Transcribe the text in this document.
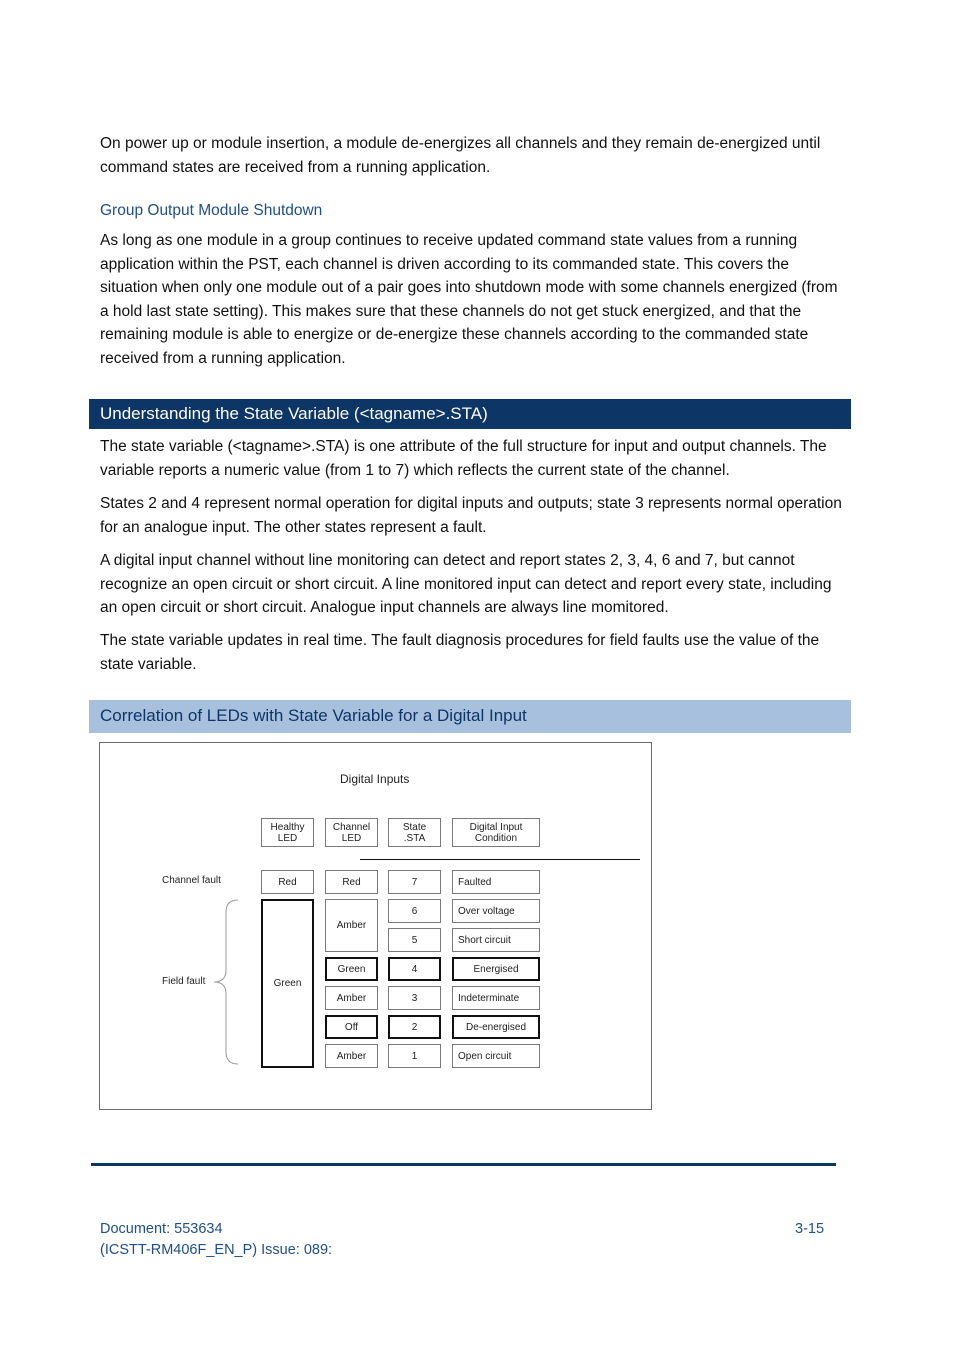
On power up or module insertion, a module de-energizes all channels and they remain de-energized until command states are received from a running application.

Group Output Module Shutdown

As long as one module in a group continues to receive updated command state values from a running application within the PST, each channel is driven according to its commanded state. This covers the situation when only one module out of a pair goes into shutdown mode with some channels energized (from a hold last state setting). This makes sure that these channels do not get stuck energized, and that the remaining module is able to energize or de-energize these channels according to the commanded state received from a running application.

Understanding the State Variable (<tagname>.STA)

The state variable (<tagname>.STA) is one attribute of the full structure for input and output channels. The variable reports a numeric value (from 1 to 7) which reflects the current state of the channel.

States 2 and 4 represent normal operation for digital inputs and outputs; state 3 represents normal operation for an analogue input. The other states represent a fault.

A digital input channel without line monitoring can detect and report states 2, 3, 4, 6 and 7, but cannot recognize an open circuit or short circuit. A line monitored input can detect and report every state, including an open circuit or short circuit. Analogue input channels are always line momitored.

The state variable updates in real time. The fault diagnosis procedures for field faults use the value of the state variable.

Correlation of LEDs with State Variable for a Digital Input
Digital Inputs
Healthy
LED
Channel
LED
State
.STA
Digital Input
Condition
Channel fault
Field fault
Red
Green
Red
Amber
Green
Amber
Off
Amber
7
6
5
4
3
2
1
Faulted
Over voltage
Short circuit
Energised
Indeterminate
De-energised
Open circuit
Document: 553634
(ICSTT-RM406F_EN_P) Issue: 089:
3-15
